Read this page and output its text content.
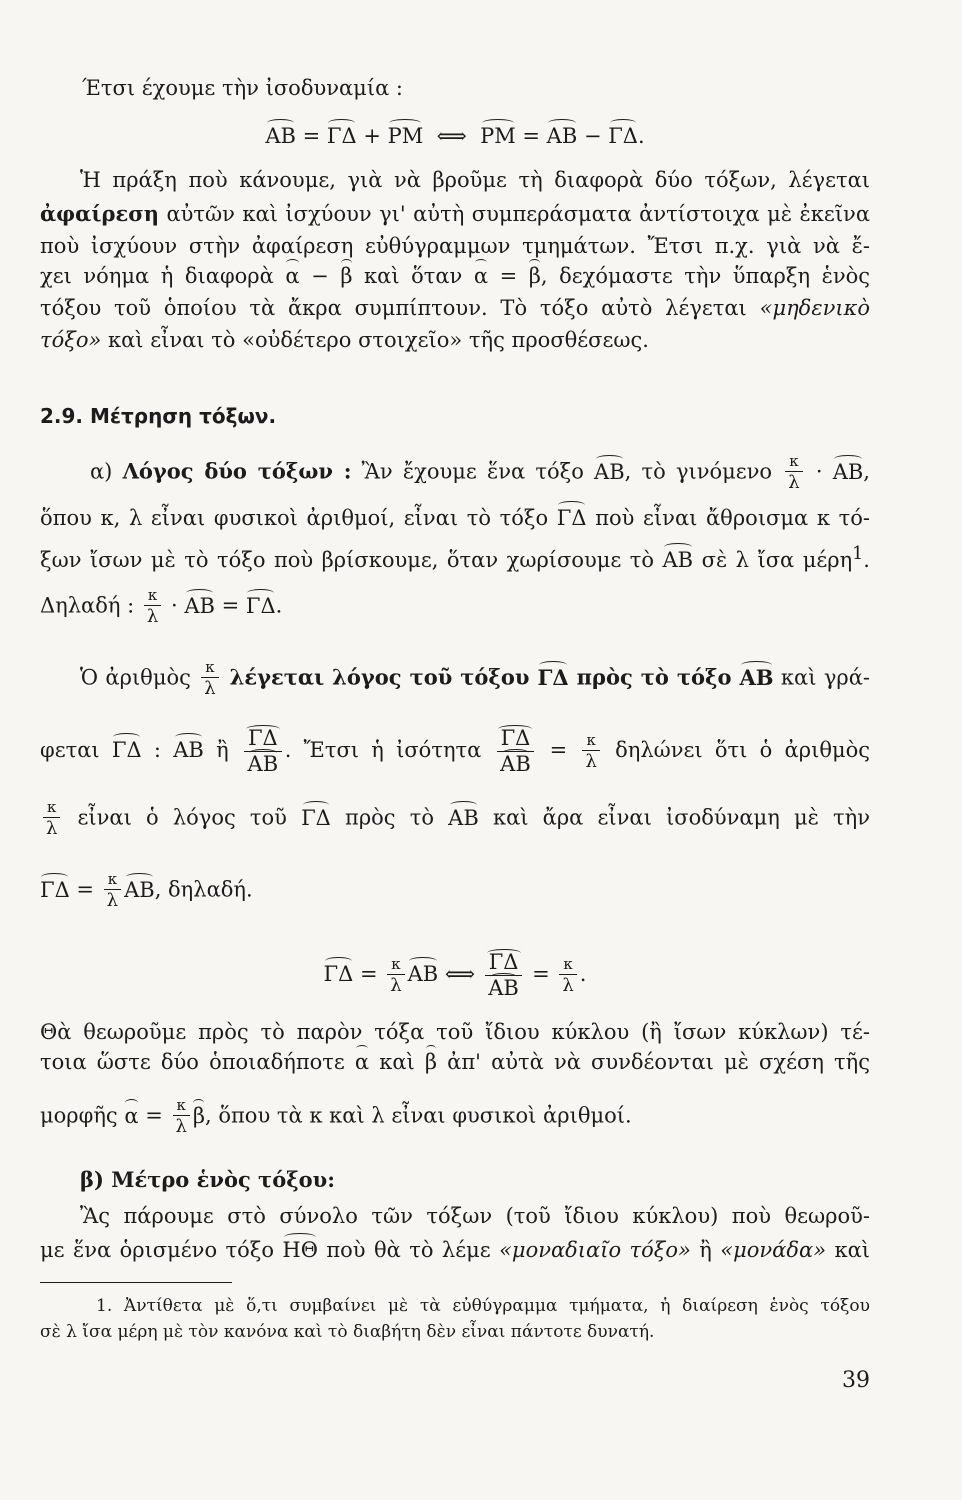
Έτσι έχουμε τὴν ἰσοδυναμία :
ΑΒ = ΓΔ + ΡΜ  ⟺  ΡΜ = ΑΒ − ΓΔ.
Ἡ πράξη ποὺ κάνουμε, γιὰ νὰ βροῦμε τὴ διαφορὰ δύο τόξων, λέγεται
ἀφαίρεση αὐτῶν καὶ ἰσχύουν γι' αὐτὴ συμπεράσματα ἀντίστοιχα μὲ ἐκεῖνα
ποὺ ἰσχύουν στὴν ἀφαίρεση εὐθύγραμμων τμημάτων. Ἔτσι π.χ. γιὰ νὰ ἔ-
χει νόημα ἡ διαφορὰ α − β καὶ ὅταν α = β, δεχόμαστε τὴν ὕπαρξη ἑνὸς
τόξου τοῦ ὁποίου τὰ ἄκρα συμπίπτουν. Τὸ τόξο αὐτὸ λέγεται «μηδενικὸ
τόξο» καὶ εἶναι τὸ «οὐδέτερο στοιχεῖο» τῆς προσθέσεως.
2.9. Μέτρηση τόξων.
α) Λόγος δύο τόξων : Ἂν ἔχουμε ἕνα τόξο ΑΒ, τὸ γινόμενο $\frac{\kappa}{\lambda} \cdot AB$,
ὅπου κ, λ εἶναι φυσικοὶ ἀριθμοί, εἶναι τὸ τόξο ΓΔ ποὺ εἶναι ἄθροισμα κ τό-
ξων ἴσων μὲ τὸ τόξο ποὺ βρίσκουμε, ὅταν χωρίσουμε τὸ ΑΒ σὲ λ ἴσα μέρη$^1$.
Δηλαδή : $\frac{\kappa}{\lambda} \cdot AB = \Gamma\Delta$.
Ὁ ἀριθμὸς $\frac{\kappa}{\lambda}$ λέγεται λόγος τοῦ τόξου ΓΔ πρὸς τὸ τόξο ΑΒ καὶ γρά-
φεται ΓΔ : ΑΒ ἢ $\frac{\Gamma\Delta}{AB}$ . Ἔτσι ἡ ἰσότητα $\frac{\Gamma\Delta}{AB} = \frac{\kappa}{\lambda}$ δηλώνει ὅτι ὁ ἀριθμὸς
$\frac{\kappa}{\lambda}$ εἶναι ὁ λόγος τοῦ ΓΔ πρὸς τὸ ΑΒ καὶ ἄρα εἶναι ἰσοδύναμη μὲ τὴν
$\Gamma\Delta = \frac{\kappa}{\lambda} AB$, δηλαδή.
$\Gamma\Delta = \frac{\kappa}{\lambda}$ ΑΒ ⟺ $\frac{\Gamma\Delta}{AB} = \frac{\kappa}{\lambda}$ .
Θὰ θεωροῦμε πρὸς τὸ παρὸν τόξα τοῦ ἴδιου κύκλου (ἢ ἴσων κύκλων) τέ-
τοια ὥστε δύο ὁποιαδήποτε α καὶ β ἀπ' αὐτὰ νὰ συνδέονται μὲ σχέση τῆς
μορφῆς $\alpha = \frac{\kappa}{\lambda} \beta$, ὅπου τὰ κ καὶ λ εἶναι φυσικοὶ ἀριθμοί.
β) Μέτρο ἑνὸς τόξου:
Ἂς πάρουμε στὸ σύνολο τῶν τόξων (τοῦ ἴδιου κύκλου) ποὺ θεωροῦ-
με ἕνα ὁρισμένο τόξο ΗΘ ποὺ θὰ τὸ λέμε «μοναδιαῖο τόξο» ἢ «μονάδα» καὶ
1. Ἀντίθετα μὲ ὅ,τι συμβαίνει μὲ τὰ εὐθύγραμμα τμήματα, ἡ διαίρεση ἑνὸς τόξου
σὲ λ ἴσα μέρη μὲ τὸν κανόνα καὶ τὸ διαβήτη δὲν εἶναι πάντοτε δυνατή.
39
